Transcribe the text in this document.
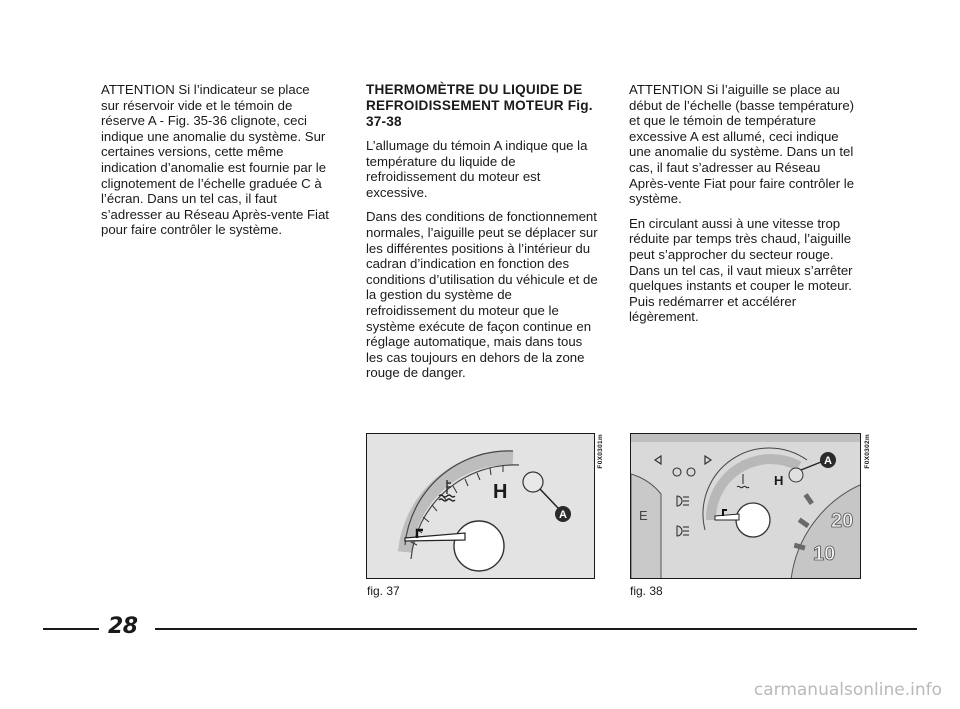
ATTENTION Si l’indicateur se place sur réservoir vide et le témoin de réserve A - Fig. 35-36 clignote, ceci indique une anomalie du système. Sur certaines versions, cette même indication d’anomalie est fournie par le clignotement de l’échelle graduée C à l’écran. Dans un tel cas, il faut s’adresser au Réseau Après-vente Fiat pour faire contrôler le système.

THERMOMÈTRE DU LIQUIDE DE REFROIDISSEMENT MOTEUR Fig. 37-38

L’allumage du témoin A indique que la température du liquide de refroidissement du moteur est excessive.

Dans des conditions de fonctionnement normales, l’aiguille peut se déplacer sur les différentes positions à l’intérieur du cadran d’indication en fonction des conditions d’utilisation du véhicule et de la gestion du système de refroidissement du moteur que le système exécute de façon continue en réglage automatique, mais dans tous les cas toujours en dehors de la zone rouge de danger.

ATTENTION Si l’aiguille se place au début de l’échelle (basse température) et que le témoin de température excessive A est allumé, ceci indique une anomalie du système. Dans un tel cas, il faut s’adresser au Réseau Après-vente Fiat pour faire contrôler le système.

En circulant aussi à une vitesse trop réduite par temps très chaud, l’aiguille peut s’approcher du secteur rouge. Dans un tel cas, il vaut mieux s’arrêter quelques instants et couper le moteur.

Puis redémarrer et accélérer légèrement.

H
A
F0X0301m
fig. 37
E
H
A
20
10
F0X0302m
fig. 38
28
carmanualsonline.info
